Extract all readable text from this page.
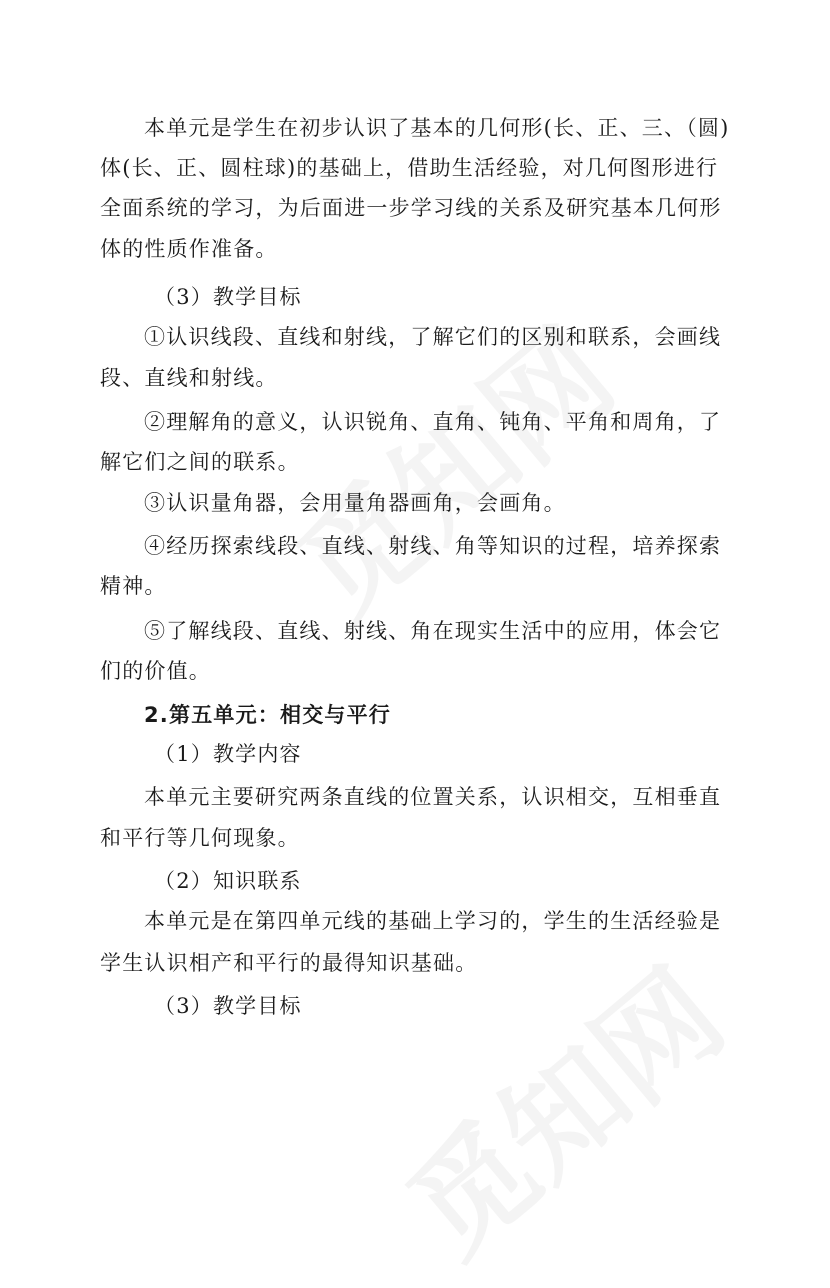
本单元是学生在初步认识了基本的几何形(长、正、三、（圆)
体(长、正、圆柱球)的基础上，借助生活经验，对几何图形进行
全面系统的学习，为后面进一步学习线的关系及研究基本几何形
体的性质作准备。
（3）教学目标
①认识线段、直线和射线，了解它们的区别和联系，会画线
段、直线和射线。
②理解角的意义，认识锐角、直角、钝角、平角和周角，了
解它们之间的联系。
③认识量角器，会用量角器画角，会画角。
④经历探索线段、直线、射线、角等知识的过程，培养探索
精神。
⑤了解线段、直线、射线、角在现实生活中的应用，体会它
们的价值。
2.第五单元：相交与平行
（1）教学内容
本单元主要研究两条直线的位置关系，认识相交，互相垂直
和平行等几何现象。
（2）知识联系
本单元是在第四单元线的基础上学习的，学生的生活经验是
学生认识相产和平行的最得知识基础。
（3）教学目标
